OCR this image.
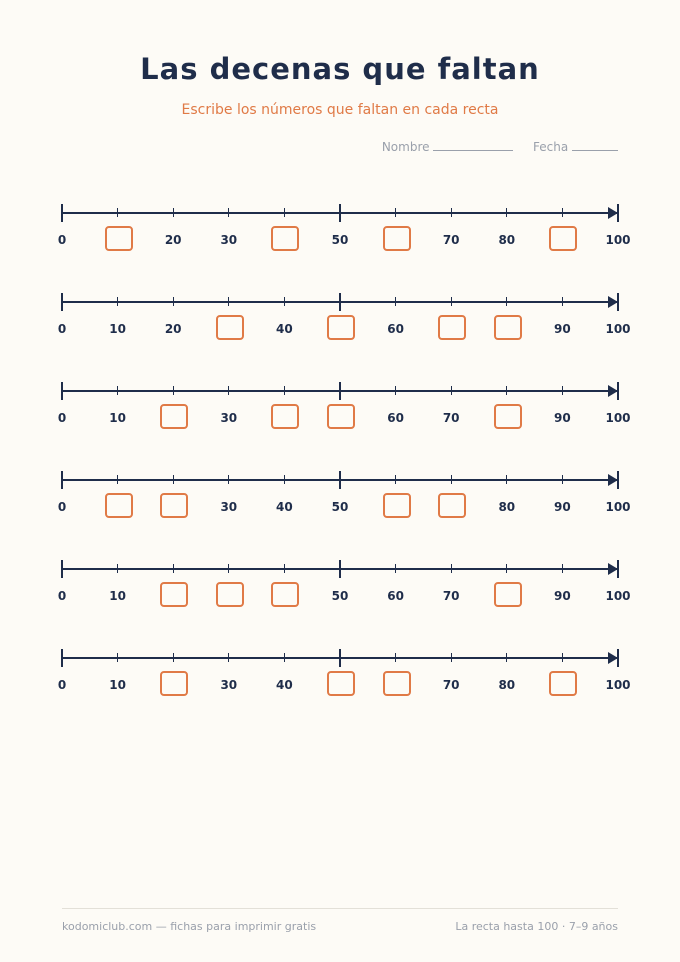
Las decenas que faltan
Escribe los números que faltan en cada recta
Nombre	Fecha
0	20	30	50	70	80	100
0	10	20	40	60	90	100
0	10	30	60	70	90	100
0	30	40	50	80	90	100
0	10	50	60	70	90	100
0	10	30	40	70	80	100
kodomiclub.com — fichas para imprimir gratis	La recta hasta 100 · 7–9 años
